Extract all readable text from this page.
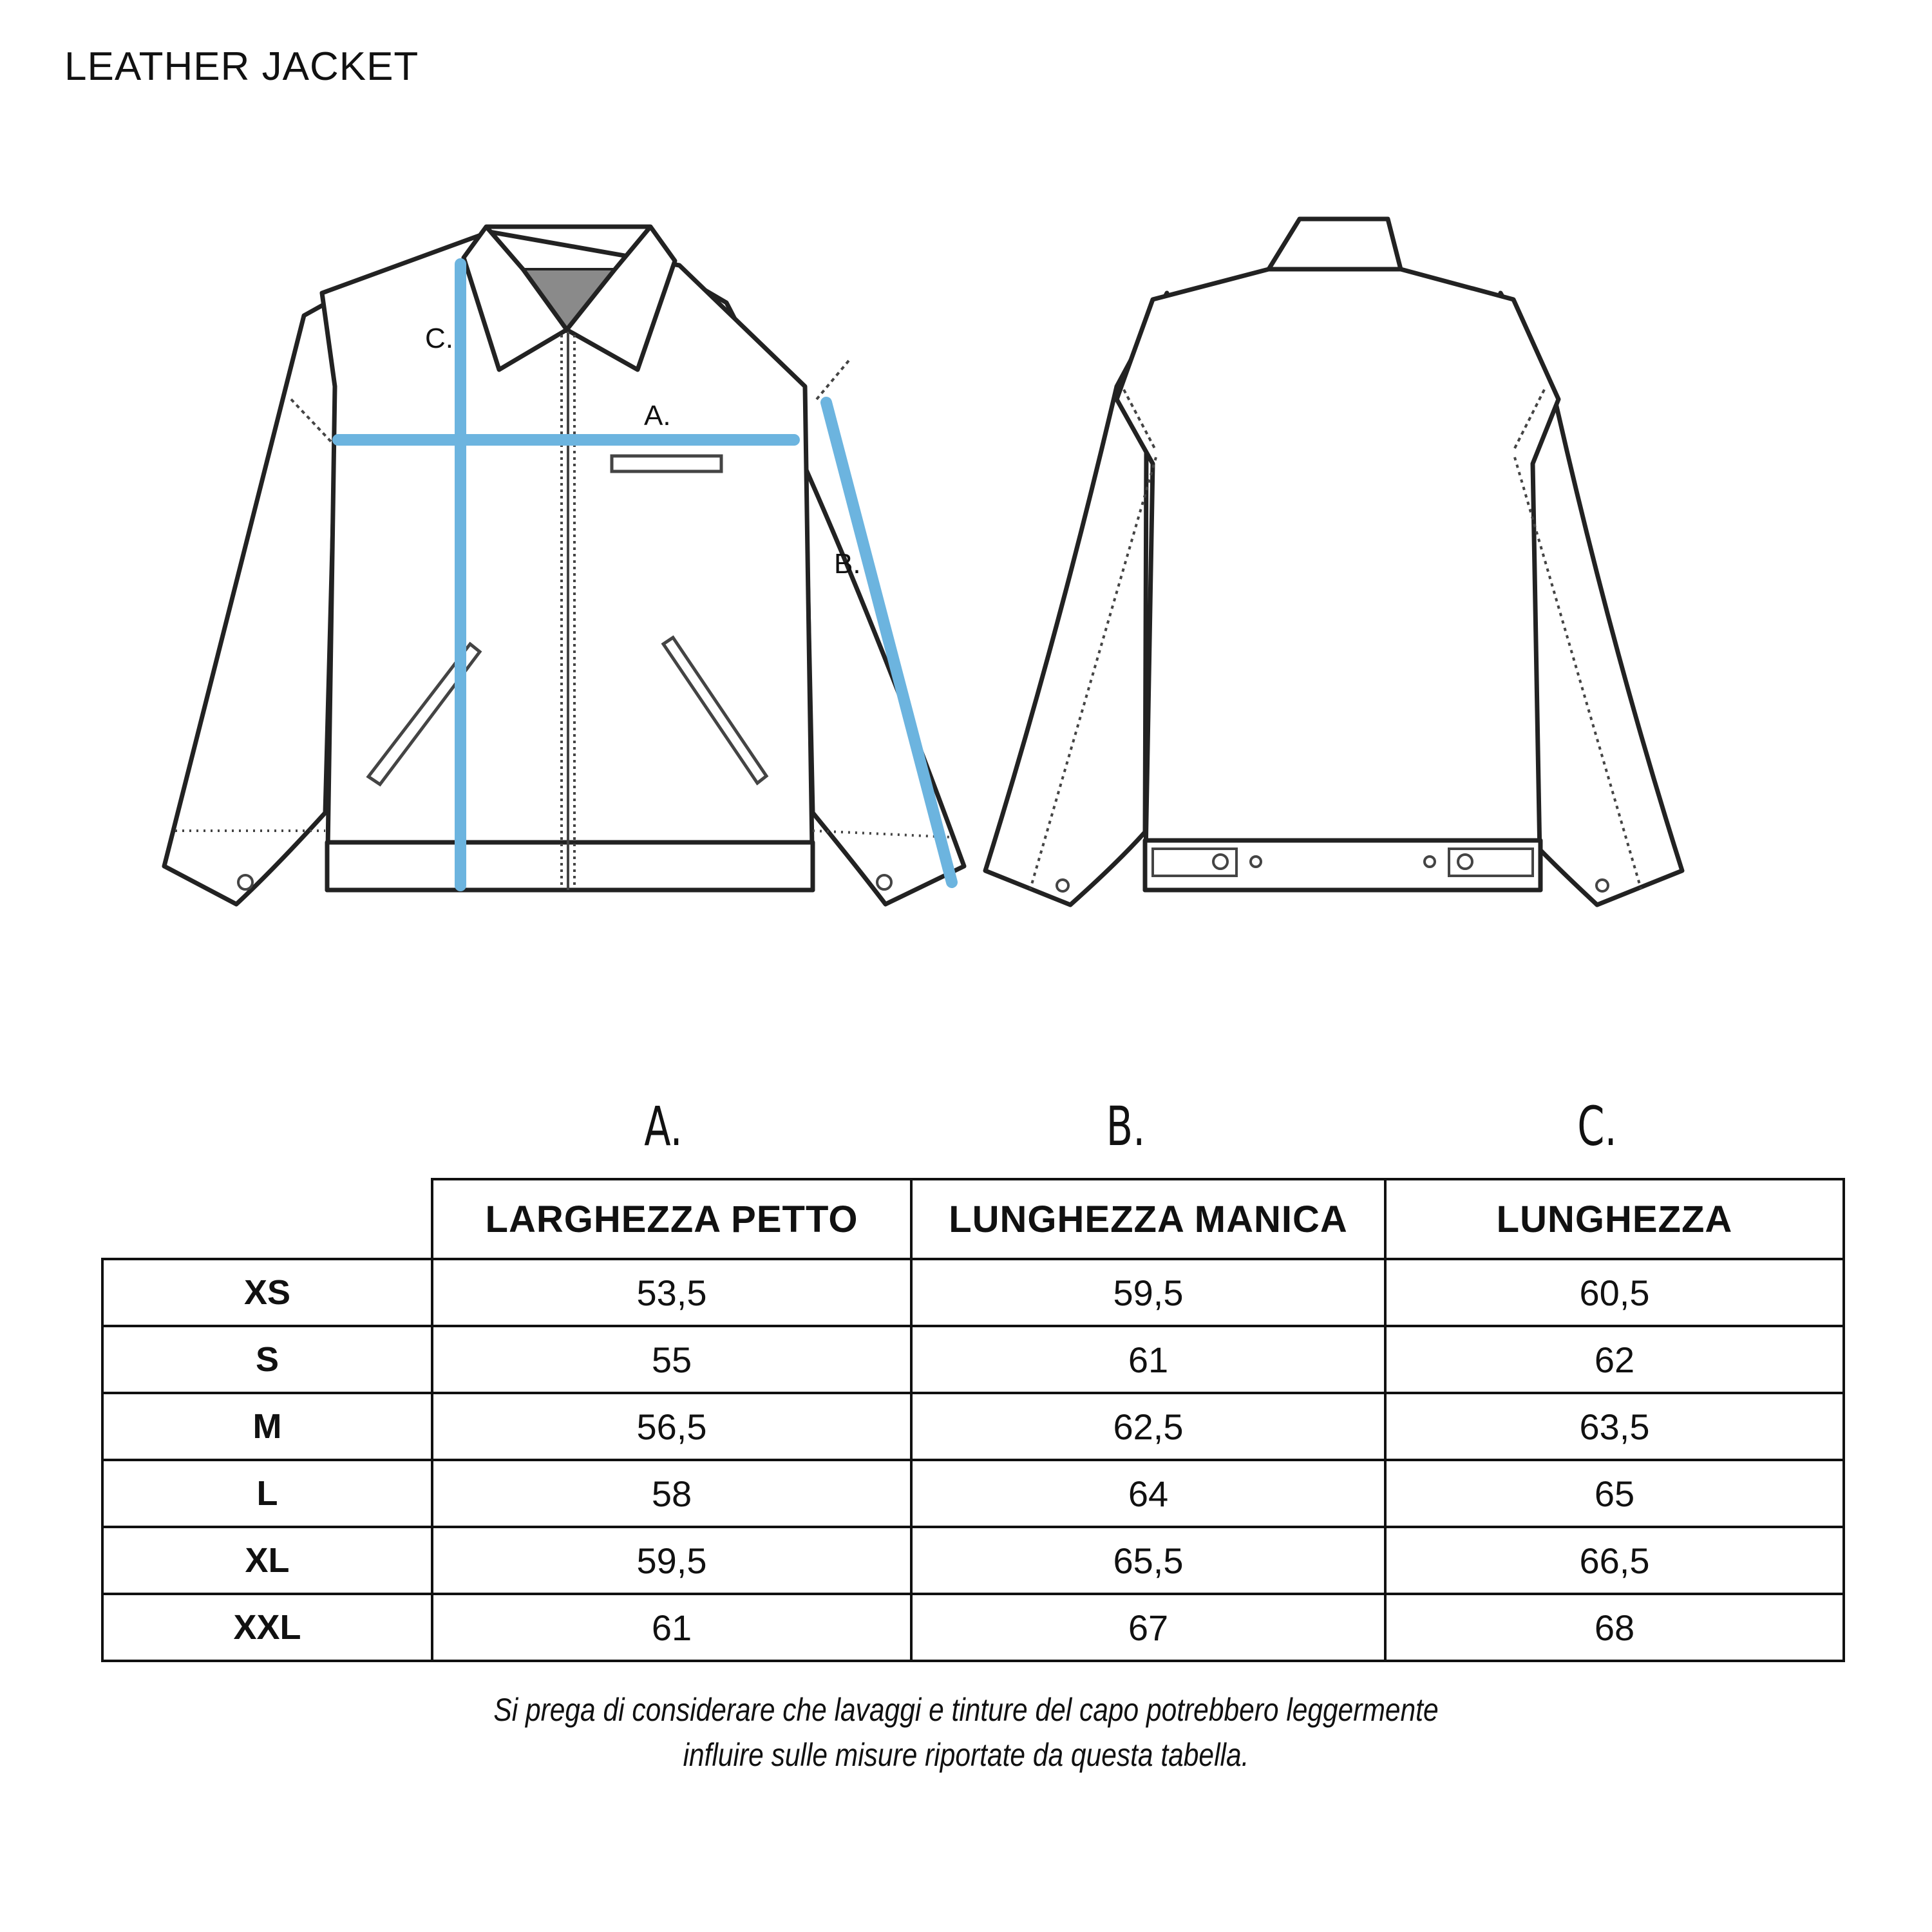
LEATHER JACKET
A.
B.
C.
A.	B.	C.
	LARGHEZZA PETTO	LUNGHEZZA MANICA	LUNGHEZZA
XS	53,5	59,5	60,5
S	55	61	62
M	56,5	62,5	63,5
L	58	64	65
XL	59,5	65,5	66,5
XXL	61	67	68
Si prega di considerare che lavaggi e tinture del capo potrebbero leggermente
influire sulle misure riportate da questa tabella.
